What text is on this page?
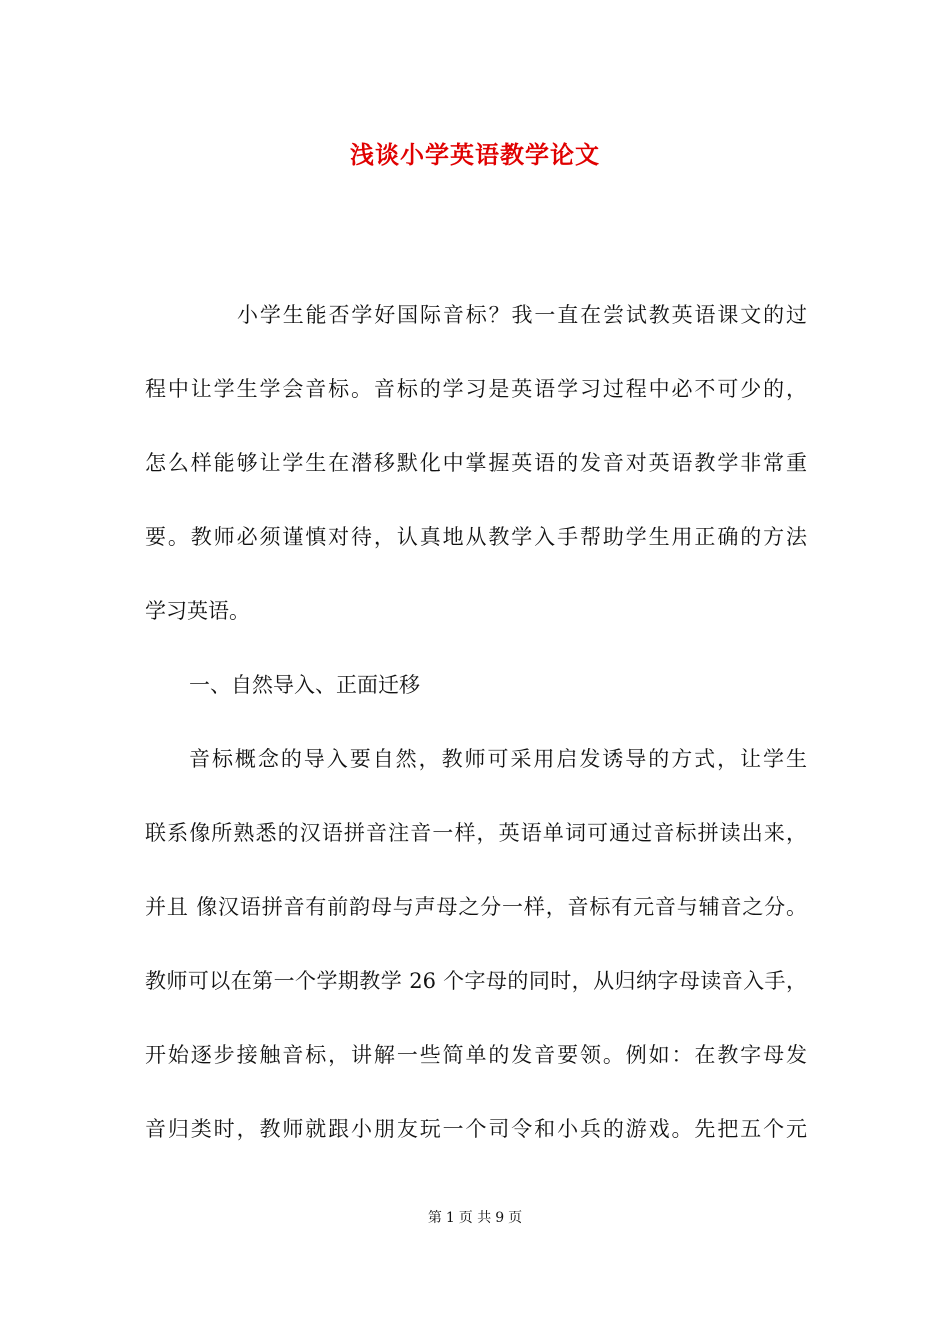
浅谈小学英语教学论文
小学生能否学好国际音标？我一直在尝试教英语课文的过
程中让学生学会音标。音标的学习是英语学习过程中必不可少的，
怎么样能够让学生在潜移默化中掌握英语的发音对英语教学非常重
要。教师必须谨慎对待，认真地从教学入手帮助学生用正确的方法
学习英语。
一、自然导入、正面迁移
音标概念的导入要自然，教师可采用启发诱导的方式，让学生
联系像所熟悉的汉语拼音注音一样，英语单词可通过音标拼读出来，
并且 像汉语拼音有前韵母与声母之分一样，音标有元音与辅音之分。
教师可以在第一个学期教学 26 个字母的同时，从归纳字母读音入手，
开始逐步接触音标，讲解一些简单的发音要领。例如：在教字母发
音归类时，教师就跟小朋友玩一个司令和小兵的游戏。先把五个元
第 1 页 共 9 页
